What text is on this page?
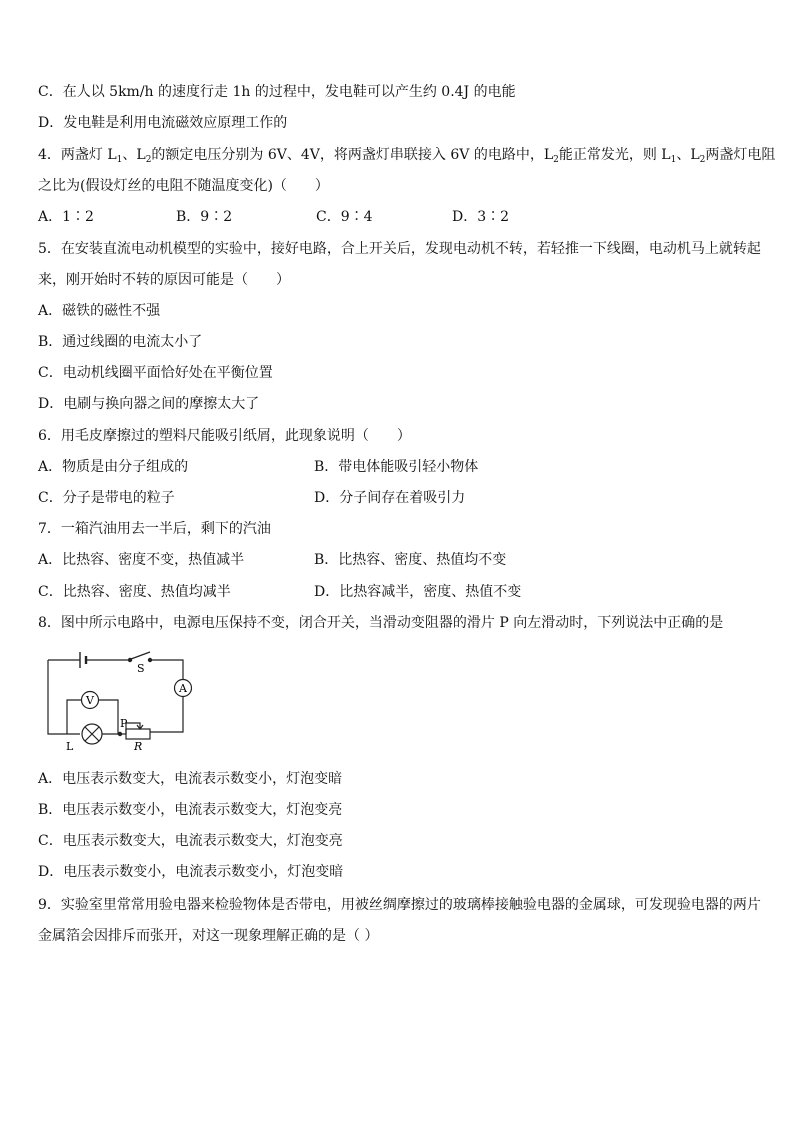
C．在人以 5km/h 的速度行走 1h 的过程中，发电鞋可以产生约 0.4J 的电能
D．发电鞋是利用电流磁效应原理工作的
4．两盏灯 $L_1$、$L_2$的额定电压分别为 6V、4V，将两盏灯串联接入 6V 的电路中，$L_2$能正常发光，则 $L_1$、$L_2$两盏灯电阻
之比为(假设灯丝的电阻不随温度变化)（　　）
A．1∶2	B．9∶2	C．9∶4	D．3∶2
5．在安装直流电动机模型的实验中，接好电路，合上开关后，发现电动机不转，若轻推一下线圈，电动机马上就转起
来，刚开始时不转的原因可能是（　　）
A．磁铁的磁性不强
B．通过线圈的电流太小了
C．电动机线圈平面恰好处在平衡位置
D．电刷与换向器之间的摩擦太大了
6．用毛皮摩擦过的塑料尺能吸引纸屑，此现象说明（　　）
A．物质是由分子组成的	B．带电体能吸引轻小物体
C．分子是带电的粒子	D．分子间存在着吸引力
7．一箱汽油用去一半后，剩下的汽油
A．比热容、密度不变，热值减半	B．比热容、密度、热值均不变
C．比热容、密度、热值均减半	D．比热容减半，密度、热值不变
8．图中所示电路中，电源电压保持不变，闭合开关，当滑动变阻器的滑片 P 向左滑动时，下列说法中正确的是
S
A
V
P
L	R
A．电压表示数变大，电流表示数变小，灯泡变暗
B．电压表示数变小，电流表示数变大，灯泡变亮
C．电压表示数变大，电流表示数变大，灯泡变亮
D．电压表示数变小，电流表示数变小，灯泡变暗
9．实验室里常常用验电器来检验物体是否带电，用被丝绸摩擦过的玻璃棒接触验电器的金属球，可发现验电器的两片
金属箔会因排斥而张开，对这一现象理解正确的是（ ）
